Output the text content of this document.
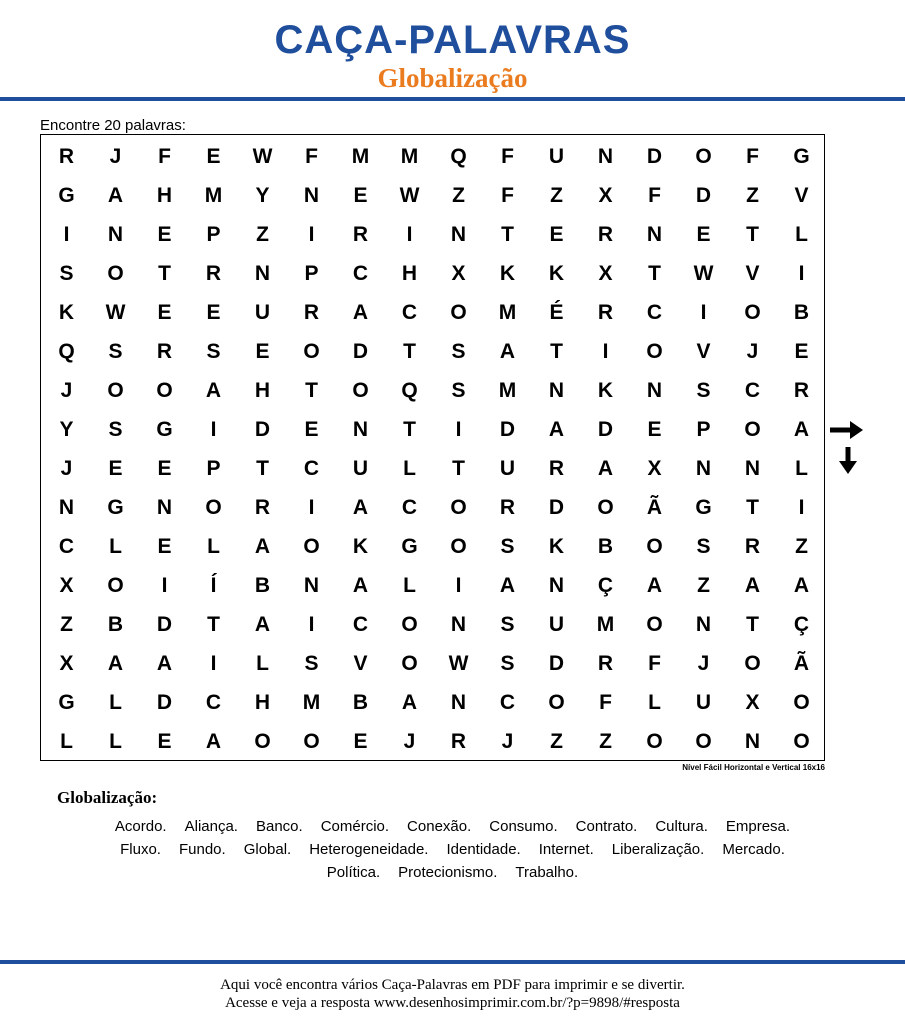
CAÇA-PALAVRAS
Globalização
Encontre 20 palavras:
R	J	F	E	W	F	M	M	Q	F	U	N	D	O	F	G
G	A	H	M	Y	N	E	W	Z	F	Z	X	F	D	Z	V
I	N	E	P	Z	I	R	I	N	T	E	R	N	E	T	L
S	O	T	R	N	P	C	H	X	K	K	X	T	W	V	I
K	W	E	E	U	R	A	C	O	M	É	R	C	I	O	B
Q	S	R	S	E	O	D	T	S	A	T	I	O	V	J	E
J	O	O	A	H	T	O	Q	S	M	N	K	N	S	C	R
Y	S	G	I	D	E	N	T	I	D	A	D	E	P	O	A
J	E	E	P	T	C	U	L	T	U	R	A	X	N	N	L
N	G	N	O	R	I	A	C	O	R	D	O	Ã	G	T	I
C	L	E	L	A	O	K	G	O	S	K	B	O	S	R	Z
X	O	I	Í	B	N	A	L	I	A	N	Ç	A	Z	A	A
Z	B	D	T	A	I	C	O	N	S	U	M	O	N	T	Ç
X	A	A	I	L	S	V	O	W	S	D	R	F	J	O	Ã
G	L	D	C	H	M	B	A	N	C	O	F	L	U	X	O
L	L	E	A	O	O	E	J	R	J	Z	Z	O	O	N	O
Nível Fácil Horizontal e Vertical 16x16
Globalização:
Acordo. Aliança. Banco. Comércio. Conexão. Consumo. Contrato. Cultura. Empresa.
Fluxo. Fundo. Global. Heterogeneidade. Identidade. Internet. Liberalização. Mercado.
Política. Protecionismo. Trabalho.
Aqui você encontra vários Caça-Palavras em PDF para imprimir e se divertir.
Acesse e veja a resposta www.desenhosimprimir.com.br/?p=9898/#resposta
